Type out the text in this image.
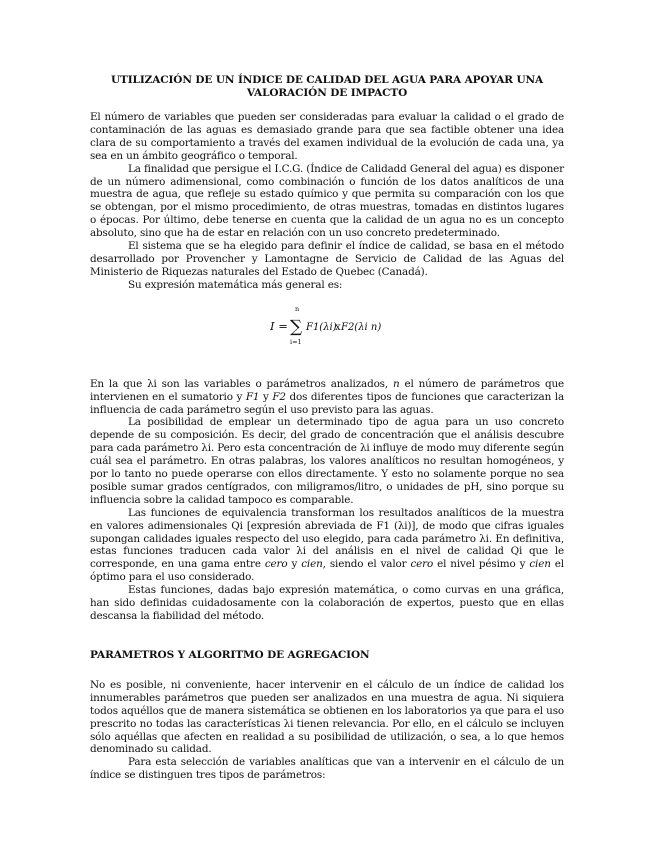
UTILIZACIÓN DE UN ÍNDICE DE CALIDAD DEL AGUA PARA APOYAR UNA
VALORACIÓN DE IMPACTO

El número de variables que pueden ser consideradas para evaluar la calidad o el grado de contaminación de las aguas es demasiado grande para que sea factible obtener una idea clara de su comportamiento a través del examen individual de la evolución de cada una, ya sea en un ámbito geográfico o temporal.

La finalidad que persigue el I.C.G. (Índice de Calidadd General del agua) es disponer de un número adimensional, como combinación o función de los datos analíticos de una muestra de agua, que refleje su estado químico y que permita su comparación con los que se obtengan, por el mismo procedimiento, de otras muestras, tomadas en distintos lugares o épocas. Por último, debe tenerse en cuenta que la calidad de un agua no es un concepto absoluto, sino que ha de estar en relación con un uso concreto predeterminado.

El sistema que se ha elegido para definir el índice de calidad, se basa en el método desarrollado por Provencher y Lamontagne de Servicio de Calidad de las Aguas del Ministerio de Riquezas naturales del Estado de Quebec (Canadá).

Su expresión matemática más general es:

I =
n
∑
i=1
F1(λi)
x F2(λi n)

En la que λi son las variables o parámetros analizados, n el número de parámetros que intervienen en el sumatorio y F1 y F2 dos diferentes tipos de funciones que caracterizan la influencia de cada parámetro según el uso previsto para las aguas.

La posibilidad de emplear un determinado tipo de agua para un uso concreto depende de su composición. Es decir, del grado de concentración que el análisis descubre para cada parámetro λi. Pero esta concentración de λi influye de modo muy diferente según cuál sea el parámetro. En otras palabras, los valores analíticos no resultan homogéneos, y por lo tanto no puede operarse con ellos directamente. Y esto no solamente porque no sea posible sumar grados centígrados, con miligramos/litro, o unidades de pH, sino porque su influencia sobre la calidad tampoco es comparable.

Las funciones de equivalencia transforman los resultados analíticos de la muestra en valores adimensionales Qi [expresión abreviada de F1 (λi)], de modo que cifras iguales supongan calidades iguales respecto del uso elegido, para cada parámetro λi. En definitiva, estas funciones traducen cada valor λi del análisis en el nivel de calidad Qi que le corresponde, en una gama entre cero y cien, siendo el valor cero el nivel pésimo y cien el óptimo para el uso considerado.

Estas funciones, dadas bajo expresión matemática, o como curvas en una gráfica, han sido definidas cuidadosamente con la colaboración de expertos, puesto que en ellas descansa la fiabilidad del método.

PARAMETROS Y ALGORITMO DE AGREGACION

No es posible, ni conveniente, hacer intervenir en el cálculo de un índice de calidad los innumerables parámetros que pueden ser analizados en una muestra de agua. Ni siquiera todos aquéllos que de manera sistemática se obtienen en los laboratorios ya que para el uso prescrito no todas las características λi tienen relevancia. Por ello, en el cálculo se incluyen sólo aquéllas que afecten en realidad a su posibilidad de utilización, o sea, a lo que hemos denominado su calidad.

Para esta selección de variables analíticas que van a intervenir en el cálculo de un índice se distinguen tres tipos de parámetros:
